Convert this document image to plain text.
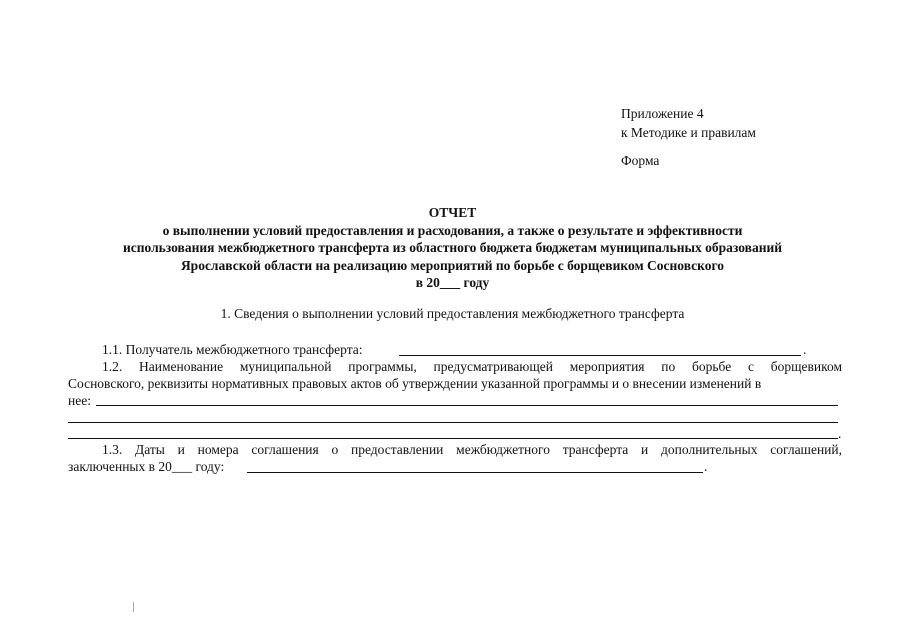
Приложение 4
к Методике и правилам
Форма
ОТЧЕТ
о выполнении условий предоставления и расходования, а также о результате и эффективности
использования межбюджетного трансферта из областного бюджета бюджетам муниципальных образований
Ярославской области на реализацию мероприятий по борьбе с борщевиком Сосновского
в 20___ году
1. Сведения о выполнении условий предоставления межбюджетного трансферта
1.1. Получатель межбюджетного трансферта:	.
1.2. Наименование муниципальной программы, предусматривающей мероприятия по борьбе с борщевиком
Сосновского, реквизиты нормативных правовых актов об утверждении указанной программы и о внесении изменений в
нее:
.
1.3. Даты и номера соглашения о предоставлении межбюджетного трансферта и дополнительных соглашений,
заключенных в 20___ году:	.
